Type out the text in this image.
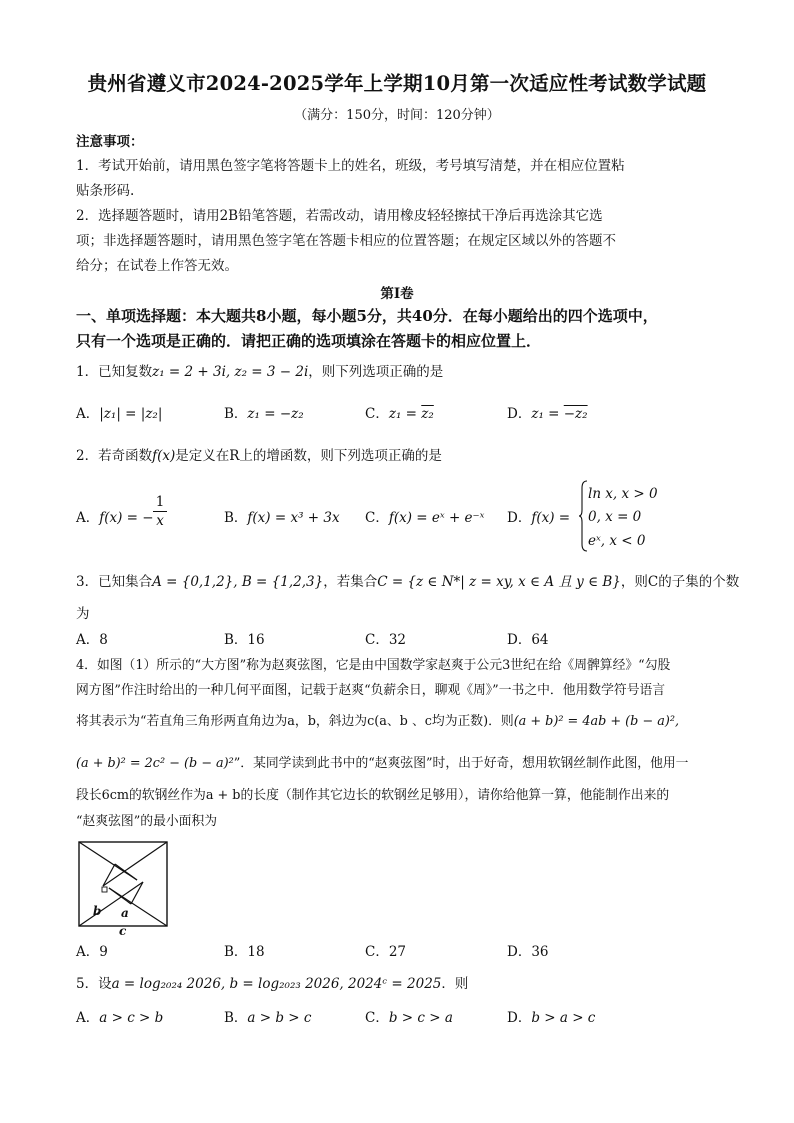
贵州省遵义市2024-2025学年上学期10月第一次适应性考试数学试题
（满分：150分，时间：120分钟）
注意事项：
1．考试开始前，请用黑色签字笔将答题卡上的姓名，班级，考号填写清楚，并在相应位置粘
贴条形码.
2．选择题答题时，请用2B铅笔答题，若需改动，请用橡皮轻轻擦拭干净后再选涂其它选
项；非选择题答题时，请用黑色签字笔在答题卡相应的位置答题；在规定区域以外的答题不
给分；在试卷上作答无效。
第Ⅰ卷
一、单项选择题：本大题共8小题，每小题5分，共40分．在每小题给出的四个选项中，
只有一个选项是正确的．请把正确的选项填涂在答题卡的相应位置上．
1．已知复数z₁ = 2 + 3i, z₂ = 3 − 2i，则下列选项正确的是
A．|z₁| = |z₂|	B．z₁ = −z₂	C．z₁ = z₂	D．z₁ = −z₂
2．若奇函数f(x)是定义在R上的增函数，则下列选项正确的是
A．f(x) = −
1
x	B．f(x) = x³ + 3x C．f(x) = eˣ + e⁻ˣ D．f(x) =
ln x, x > 0
0, x = 0
eˣ, x < 0
3．已知集合A = {0,1,2}, B = {1,2,3}，若集合C = {z ∈ N*| z = xy, x ∈ A 且 y ∈ B}，则C的子集的个数
为
A．8	B．16	C．32	D．64
4．如图（1）所示的“大方图”称为赵爽弦图，它是由中国数学家赵爽于公元3世纪在给《周髀算经》“勾股
网方图”作注时给出的一种几何平面图，记载于赵爽“负薪余日，聊观《周》”一书之中．他用数学符号语言
将其表示为“若直角三角形两直角边为a，b，斜边为c(a、b 、c均为正数)．则(a + b)² = 4ab + (b − a)²,
(a + b)² = 2c² − (b − a)²”．某同学读到此书中的“赵爽弦图”时，出于好奇，想用软钢丝制作此图，他用一
段长6cm的软钢丝作为a + b的长度（制作其它边长的软钢丝足够用），请你给他算一算，他能制作出来的
“赵爽弦图”的最小面积为
b a
c
A．9	B．18	C．27	D．36
5．设a = log₂₀₂₄ 2026, b = log₂₀₂₃ 2026, 2024ᶜ = 2025．则
A．a > c > b	B．a > b > c	C．b > c > a	D．b > a > c
